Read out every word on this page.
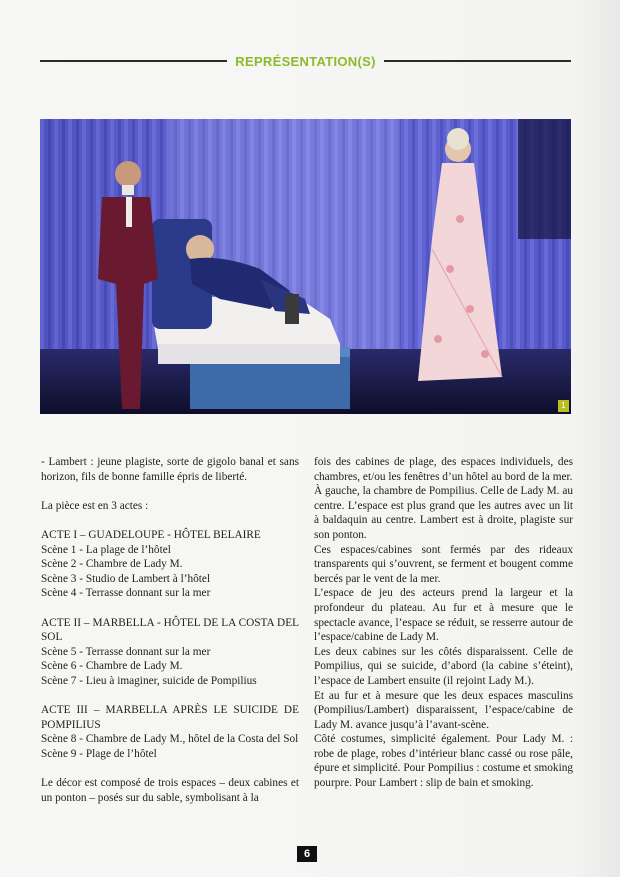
REPRÉSENTATION(S)
1

- Lambert : jeune plagiste, sorte de gigolo banal et sans horizon, fils de bonne famille épris de liberté.

La pièce est en 3 actes :

ACTE I – GUADELOUPE - HÔTEL BELAIRE

Scène 1 - La plage de l’hôtel
Scène 2 - Chambre de Lady M.
Scène 3 - Studio de Lambert à l’hôtel
Scène 4 - Terrasse donnant sur la mer

ACTE II – MARBELLA - HÔTEL DE LA COSTA DEL SOL

Scène 5 - Terrasse donnant sur la mer
Scène 6 - Chambre de Lady M.
Scène 7 - Lieu à imaginer, suicide de Pompilius

ACTE III – MARBELLA APRÈS LE SUICIDE DE POMPILIUS

Scène 8 - Chambre de Lady M., hôtel de la Costa del Sol

Scène 9 - Plage de l’hôtel

Le décor est composé de trois espaces – deux cabines et un ponton – posés sur du sable, symbolisant à la

fois des cabines de plage, des espaces individuels, des chambres, et/ou les fenêtres d’un hôtel au bord de la mer.

À gauche, la chambre de Pompilius. Celle de Lady M. au centre. L’espace est plus grand que les autres avec un lit à baldaquin au centre. Lambert est à droite, plagiste sur son ponton.

Ces espaces/cabines sont fermés par des rideaux transparents qui s’ouvrent, se ferment et bougent comme bercés par le vent de la mer.

L’espace de jeu des acteurs prend la largeur et la profondeur du plateau. Au fur et à mesure que le spectacle avance, l’espace se réduit, se resserre autour de l’espace/cabine de Lady M.

Les deux cabines sur les côtés disparaissent. Celle de Pompilius, qui se suicide, d’abord (la cabine s’éteint), l’espace de Lambert ensuite (il rejoint Lady M.).

Et au fur et à mesure que les deux espaces masculins (Pompilius/Lambert) disparaissent, l’espace/cabine de Lady M. avance jusqu’à l’avant-scène.

Côté costumes, simplicité également. Pour Lady M. : robe de plage, robes d’intérieur blanc cassé ou rose pâle, épure et simplicité. Pour Pompilius : costume et smoking pourpre. Pour Lambert : slip de bain et smoking.

6
